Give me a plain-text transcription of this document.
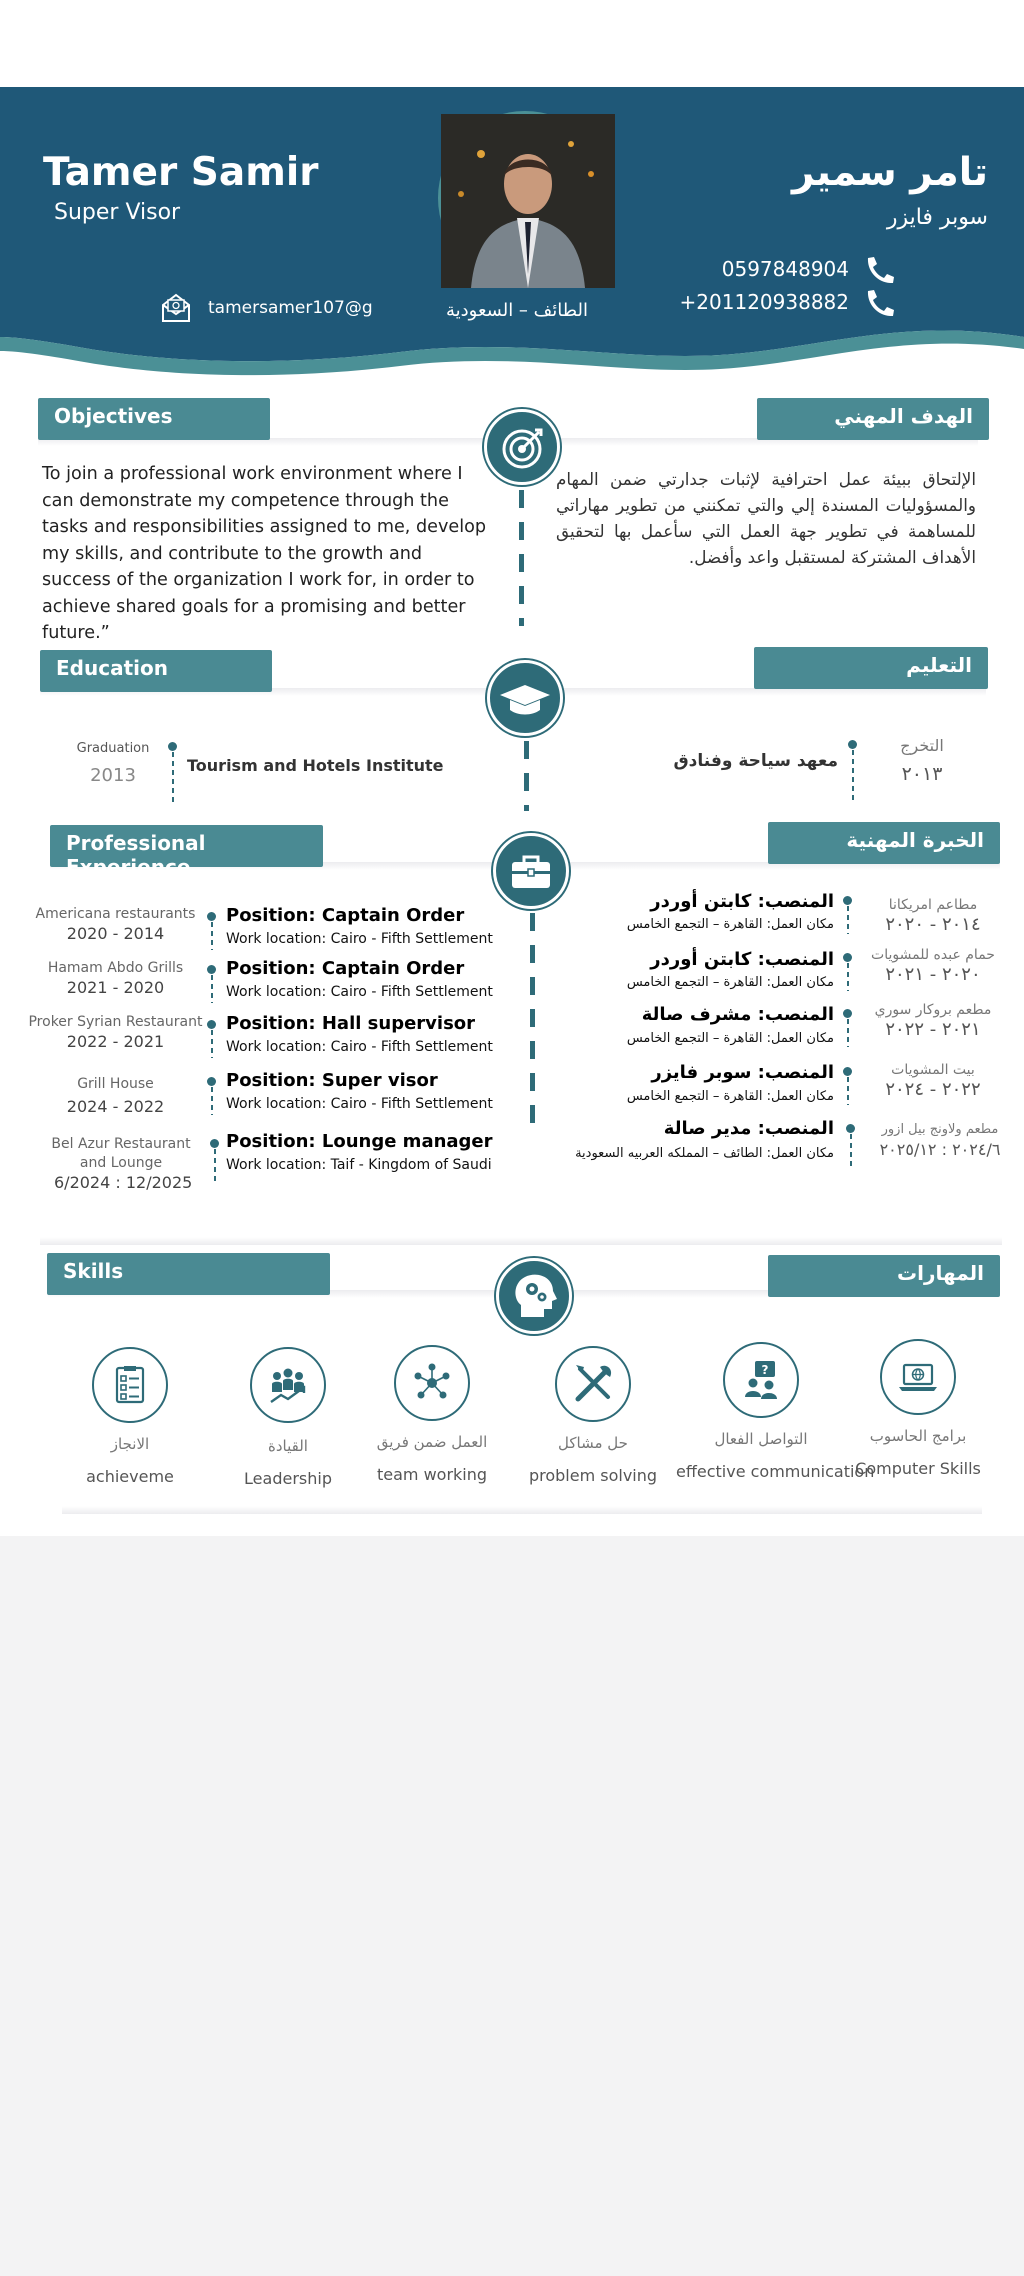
Tamer Samir
Super Visor
تامر سمير
سوبر فايزر
0597848904
+201120938882
tamersamer107@g	الطائف – السعودية
Objectives	الهدف المهني
To join a professional work environment where I can demonstrate my competence through the tasks and responsibilities assigned to me, develop my skills, and contribute to the growth and success of the organization I work for, in order to achieve shared goals for a promising and better future.”
الإلتحاق ببيئة عمل احترافية لإثبات جدارتي ضمن المهام والمسؤوليات المسندة إلي والتي تمكنني من تطوير مهاراتي للمساهمة في تطوير جهة العمل التي سأعمل بها لتحقيق الأهداف المشتركة لمستقبل واعد وأفضل.
Education	التعليم
Graduation
2013	Tourism and Hotels Institute	معهد سياحة وفنادق
التخرج
٢٠١٣
Professional Experience
الخبرة المهنية
Americana restaurants
2020 - 2014
Position: Captain Order
Work location: Cairo - Fifth Settlement
Hamam Abdo Grills
2021 - 2020
Position: Captain Order
Work location: Cairo - Fifth Settlement
Proker Syrian Restaurant
2022 - 2021
Position: Hall supervisor
Work location: Cairo - Fifth Settlement
Grill House
2024 - 2022
Position: Super visor
Work location: Cairo - Fifth Settlement
Bel Azur Restaurant and Lounge
6/2024 : 12/2025
Position: Lounge manager
Work location: Taif - Kingdom of Saudi
المنصب: كابتن أوردر
مكان العمل: القاهرة – التجمع الخامس
مطاعم امريكانا
٢٠١٤ - ٢٠٢٠
المنصب: كابتن أوردر
مكان العمل: القاهرة – التجمع الخامس
حمام عبده للمشويات
٢٠٢٠ - ٢٠٢١
المنصب: مشرف صالة
مكان العمل: القاهرة – التجمع الخامس
مطعم بروكار سوري
٢٠٢١ - ٢٠٢٢
المنصب: سوبر فايزر
مكان العمل: القاهرة – التجمع الخامس
بيت المشويات
٢٠٢٢ - ٢٠٢٤
المنصب: مدير صالة
مكان العمل: الطائف – المملكه العربيه السعودية
مطعم ولاونج بيل ازور
٢٠٢٤/٦ : ٢٠٢٥/١٢
Skills	المهارات
الانجاز
achieveme
القيادة
Leadership
العمل ضمن فريق
team working
حل مشاكل
problem solving
?
التواصل الفعال
effective communication
برامج الحاسوب
Computer Skills
